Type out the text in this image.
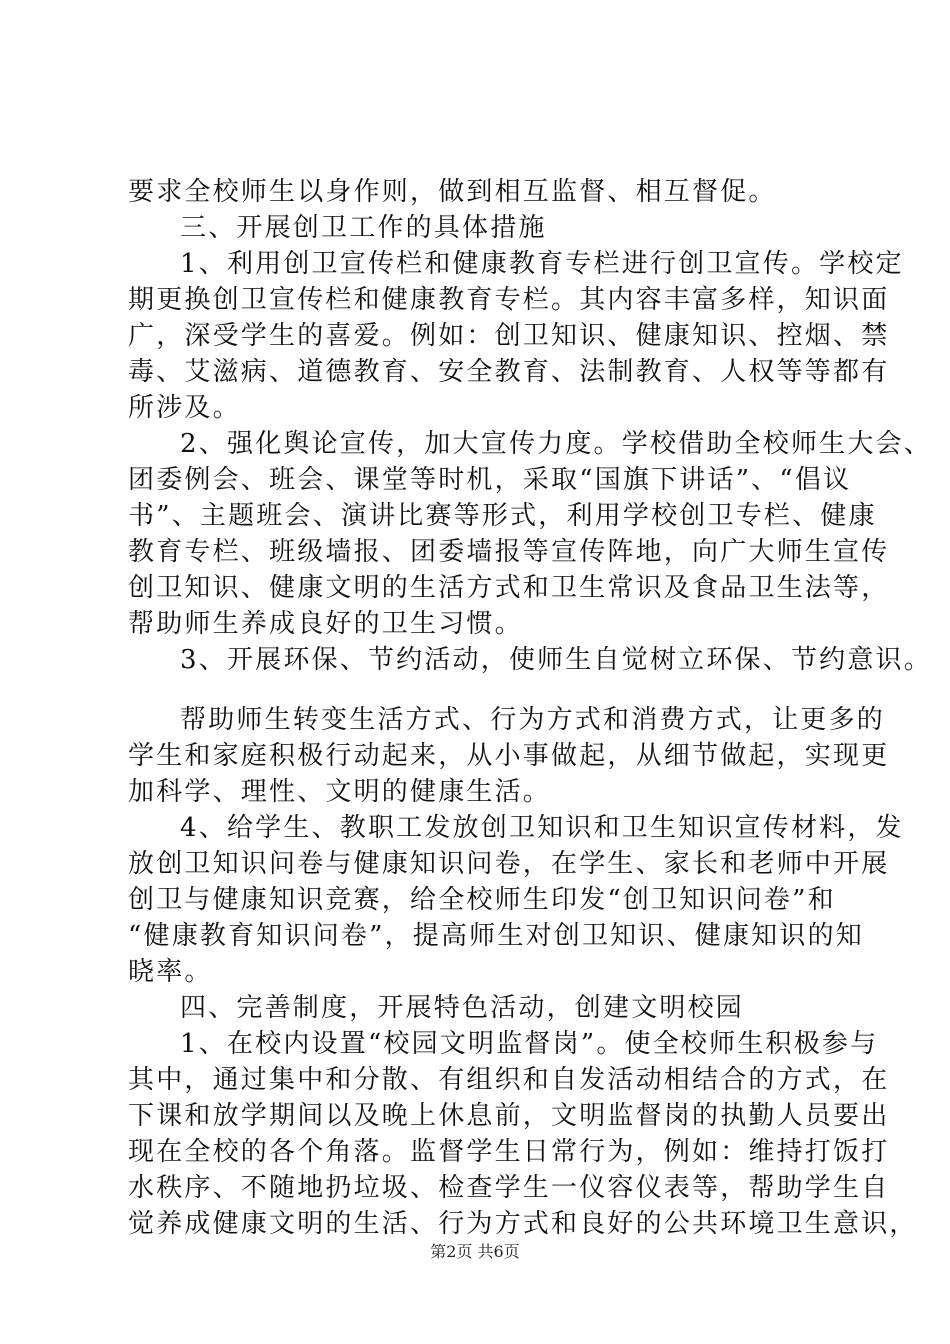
要求全校师生以身作则，做到相互监督、相互督促。
三、开展创卫工作的具体措施
1、利用创卫宣传栏和健康教育专栏进行创卫宣传。学校定
期更换创卫宣传栏和健康教育专栏。其内容丰富多样，知识面
广，深受学生的喜爱。例如：创卫知识、健康知识、控烟、禁
毒、艾滋病、道德教育、安全教育、法制教育、人权等等都有
所涉及。
2、强化舆论宣传，加大宣传力度。学校借助全校师生大会、
团委例会、班会、课堂等时机，采取“国旗下讲话”、“倡议
书”、主题班会、演讲比赛等形式，利用学校创卫专栏、健康
教育专栏、班级墙报、团委墙报等宣传阵地，向广大师生宣传
创卫知识、健康文明的生活方式和卫生常识及食品卫生法等，
帮助师生养成良好的卫生习惯。
3、开展环保、节约活动，使师生自觉树立环保、节约意识。
帮助师生转变生活方式、行为方式和消费方式，让更多的
学生和家庭积极行动起来，从小事做起，从细节做起，实现更
加科学、理性、文明的健康生活。
4、给学生、教职工发放创卫知识和卫生知识宣传材料，发
放创卫知识问卷与健康知识问卷，在学生、家长和老师中开展
创卫与健康知识竞赛，给全校师生印发“创卫知识问卷”和
“健康教育知识问卷”，提高师生对创卫知识、健康知识的知
晓率。
四、完善制度，开展特色活动，创建文明校园
1、在校内设置“校园文明监督岗”。使全校师生积极参与
其中，通过集中和分散、有组织和自发活动相结合的方式，在
下课和放学期间以及晚上休息前，文明监督岗的执勤人员要出
现在全校的各个角落。监督学生日常行为，例如：维持打饭打
水秩序、不随地扔垃圾、检查学生一仪容仪表等，帮助学生自
觉养成健康文明的生活、行为方式和良好的公共环境卫生意识，
第2页 共6页
